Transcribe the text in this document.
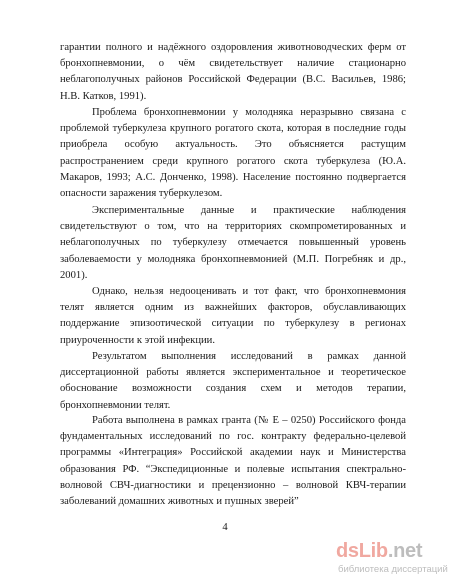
гарантии полного и надёжного оздоровления животноводческих ферм от бронхопневмонии, о чём свидетельствует наличие стационарно неблагополучных районов Российской Федерации (В.С. Васильев, 1986; Н.В. Катков, 1991).

Проблема бронхопневмонии у молодняка неразрывно связана с проблемой туберкулеза крупного рогатого скота, которая в последние годы приобрела особую актуальность. Это объясняется растущим распространением среди крупного рогатого скота туберкулеза (Ю.А. Макаров, 1993; А.С. Донченко, 1998). Население постоянно подвергается опасности заражения туберкулезом.

Экспериментальные данные и практические наблюдения свидетельствуют о том, что на территориях скомпрометированных и неблагополучных по туберкулезу отмечается повышенный уровень заболеваемости у молодняка бронхопневмонией (М.П. Погребняк и др., 2001).

Однако, нельзя недооценивать и тот факт, что бронхопневмония телят является одним из важнейших факторов, обуславливающих поддержание эпизоотической ситуации по туберкулезу в регионах приуроченности к этой инфекции.

Результатом выполнения исследований в рамках данной диссертационной работы является экспериментальное и теоретическое обоснование возможности создания схем и методов терапии, бронхопневмонии телят.

Работа выполнена в рамках гранта (№ Е – 0250) Российского фонда фундаментальных исследований по гос. контракту федерально-целевой программы «Интеграция» Российской академии наук и Министерства образования РФ. “Экспедиционные и полевые испытания спектрально-волновой СВЧ-диагностики и прецензионно – волновой КВЧ-терапии заболеваний домашних животных и пушных зверей”

4
dsLib.net
библиотека диссертаций
